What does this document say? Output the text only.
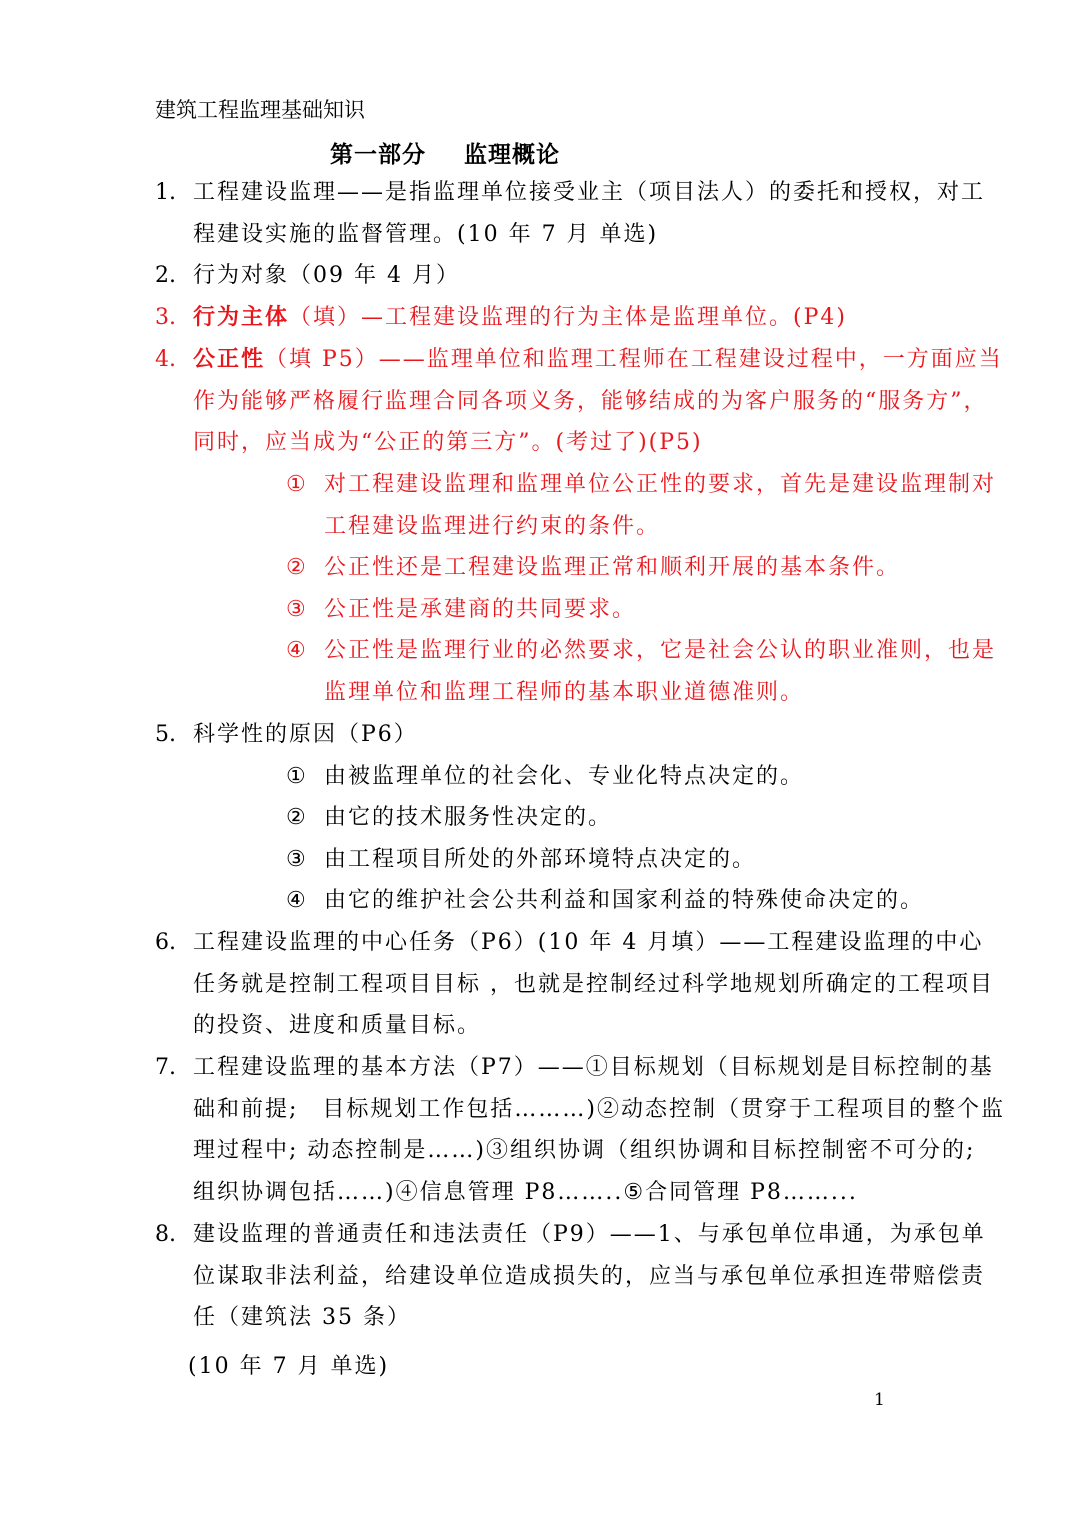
建筑工程监理基础知识
第一部分 监理概论
1. 工程建设监理——是指监理单位接受业主（项目法人）的委托和授权，对工程建设实施的监督管理。(10 年 7 月 单选)
2. 行为对象（09 年 4 月）
3. 行为主体（填）—工程建设监理的行为主体是监理单位。(P4)
4. 公正性（填 P5）——监理单位和监理工程师在工程建设过程中，一方面应当作为能够严格履行监理合同各项义务，能够结成的为客户服务的“服务方”，同时，应当成为“公正的第三方”。(考过了)(P5)
① 对工程建设监理和监理单位公正性的要求，首先是建设监理制对工程建设监理进行约束的条件。
② 公正性还是工程建设监理正常和顺利开展的基本条件。
③ 公正性是承建商的共同要求。
④ 公正性是监理行业的必然要求，它是社会公认的职业准则，也是监理单位和监理工程师的基本职业道德准则。
5. 科学性的原因（P6）
① 由被监理单位的社会化、专业化特点决定的。
② 由它的技术服务性决定的。
③ 由工程项目所处的外部环境特点决定的。
④ 由它的维护社会公共利益和国家利益的特殊使命决定的。
6. 工程建设监理的中心任务（P6）(10 年 4 月填）——工程建设监理的中心任务就是控制工程项目目标 ，也就是控制经过科学地规划所确定的工程项目的投资、进度和质量目标。
7. 工程建设监理的基本方法（P7）——①目标规划（目标规划是目标控制的基础和前提;　目标规划工作包括………)②动态控制（贯穿于工程项目的整个监理过程中; 动态控制是……)③组织协调（组织协调和目标控制密不可分的; 组织协调包括……)④信息管理 P8……..⑤合同管理 P8……...
8. 建设监理的普通责任和违法责任（P9）——1、与承包单位串通，为承包单位谋取非法利益，给建设单位造成损失的，应当与承包单位承担连带赔偿责任（建筑法 35 条）
(10 年 7 月 单选)
1
